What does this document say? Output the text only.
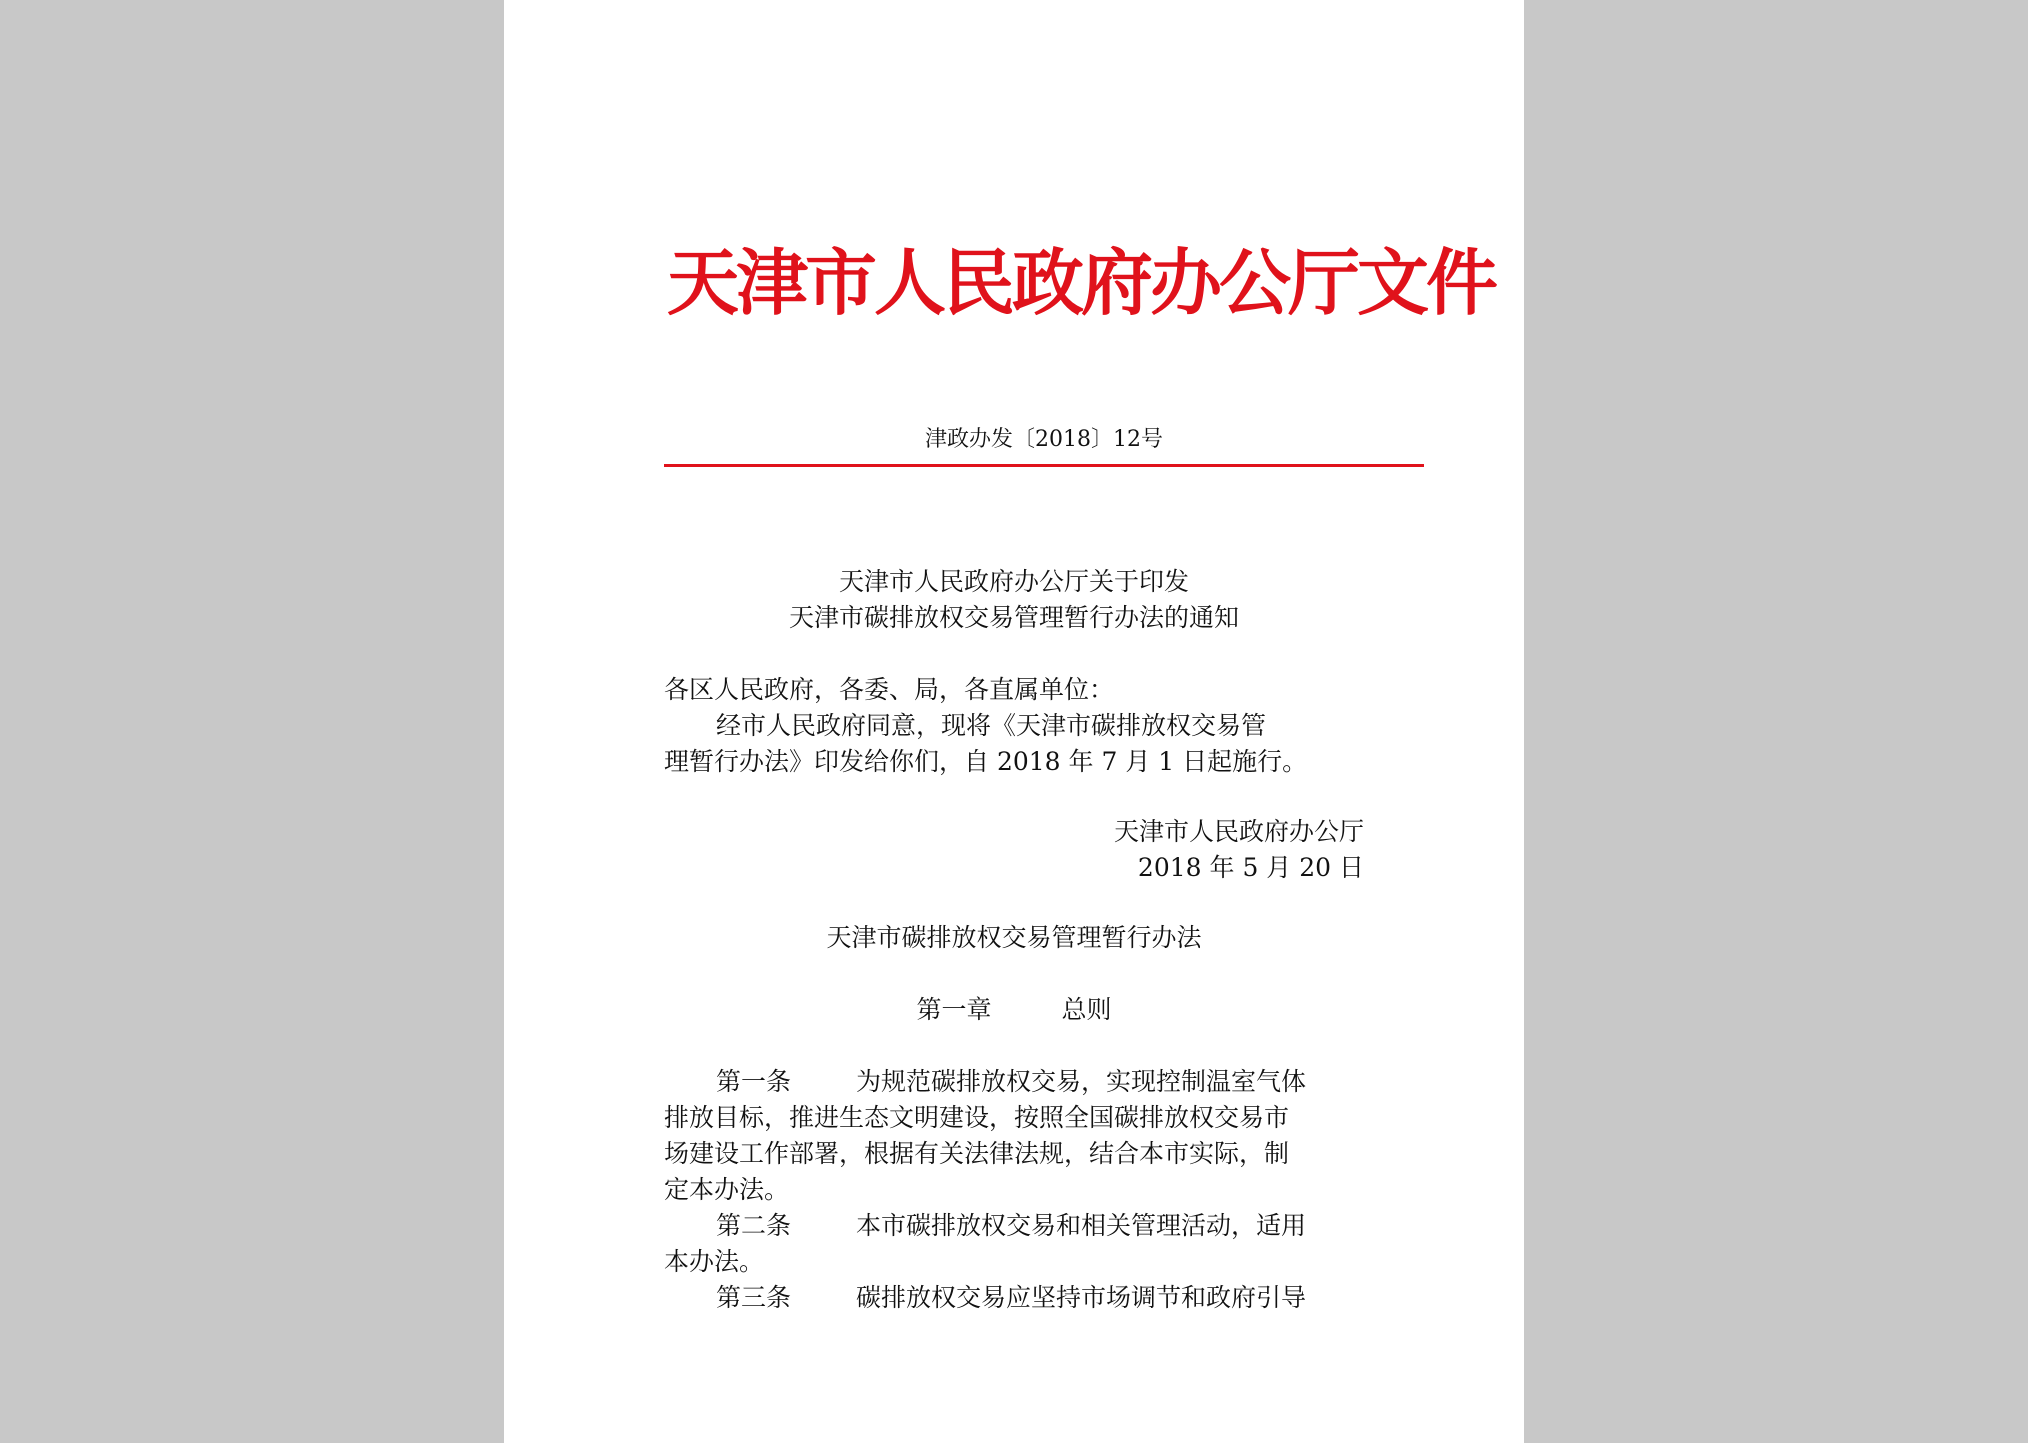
天津市人民政府办公厅文件
津政办发〔2018〕12号
天津市人民政府办公厅关于印发
天津市碳排放权交易管理暂行办法的通知
各区人民政府，各委、局，各直属单位：
经市人民政府同意，现将《天津市碳排放权交易管
理暂行办法》印发给你们，自 2018 年 7 月 1 日起施行。
天津市人民政府办公厅
2018 年 5 月 20 日
天津市碳排放权交易管理暂行办法
第一章	总则
第一条	为规范碳排放权交易，实现控制温室气体
排放目标，推进生态文明建设，按照全国碳排放权交易市
场建设工作部署，根据有关法律法规，结合本市实际，制
定本办法。
第二条	本市碳排放权交易和相关管理活动，适用
本办法。
第三条	碳排放权交易应坚持市场调节和政府引导
